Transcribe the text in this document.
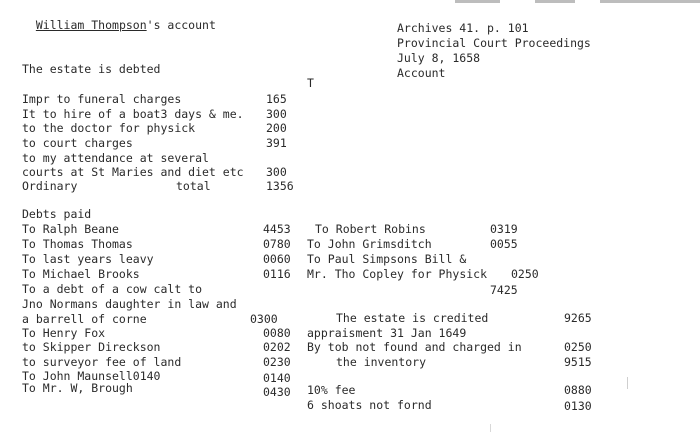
William Thompson's account	Archives 41. p. 101
Provincial Court Proceedings
July 8, 1658
Account
T
The estate is debted
Impr to funeral charges	165
It to hire of a boat3 days & me. 300
to the doctor for physick	200
to court charges	391
to my attendance at several
courts at St Maries and diet etc 300
Ordinary	total	1356
Debts paid
To Ralph Beane	4453
To Thomas Thomas	0780
To last years leavy	0060
To Michael Brooks	0116
To a debt of a cow calt to
Jno Normans daughter in law and
a barrell of corne	0300
To Henry Fox	0080
to Skipper Direckson	0202
to surveyor fee of land	0230
To John Maunsell0140	0140
To Mr. W, Brough	0430
To Robert Robins	0319
To John Grimsditch	0055
To Paul Simpsons Bill &
Mr. Tho Copley for Physick 0250
7425
The estate is credited	9265
appraisment 31 Jan 1649
By tob not found and charged in	0250
the inventory	9515
10% fee	0880
6 shoats not fornd	0130
